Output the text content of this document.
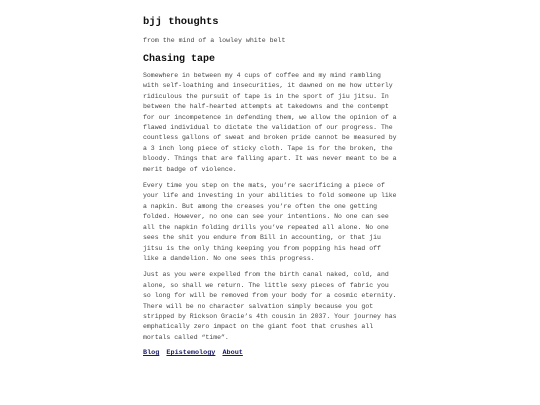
bjj thoughts
from the mind of a lowley white belt
Chasing tape

Somewhere in between my 4 cups of coffee and my mind rambling with self-loathing and insecurities, it dawned on me how utterly ridiculous the pursuit of tape is in the sport of jiu jitsu. In between the half-hearted attempts at takedowns and the contempt for our incompetence in defending them, we allow the opinion of a flawed individual to dictate the validation of our progress. The countless gallons of sweat and broken pride cannot be measured by a 3 inch long piece of sticky cloth. Tape is for the broken, the bloody. Things that are falling apart. It was never meant to be a merit badge of violence.

Every time you step on the mats, you’re sacrificing a piece of your life and investing in your abilities to fold someone up like a napkin. But among the creases you’re often the one getting folded. However, no one can see your intentions. No one can see all the napkin folding drills you’ve repeated all alone. No one sees the shit you endure from Bill in accounting, or that jiu jitsu is the only thing keeping you from popping his head off like a dandelion. No one sees this progress.

Just as you were expelled from the birth canal naked, cold, and alone, so shall we return. The little sexy pieces of fabric you so long for will be removed from your body for a cosmic eternity. There will be no character salvation simply because you got stripped by Rickson Gracie’s 4th cousin in 2037. Your journey has emphatically zero impact on the giant foot that crushes all mortals called “time”.

Blog Epistemology About
